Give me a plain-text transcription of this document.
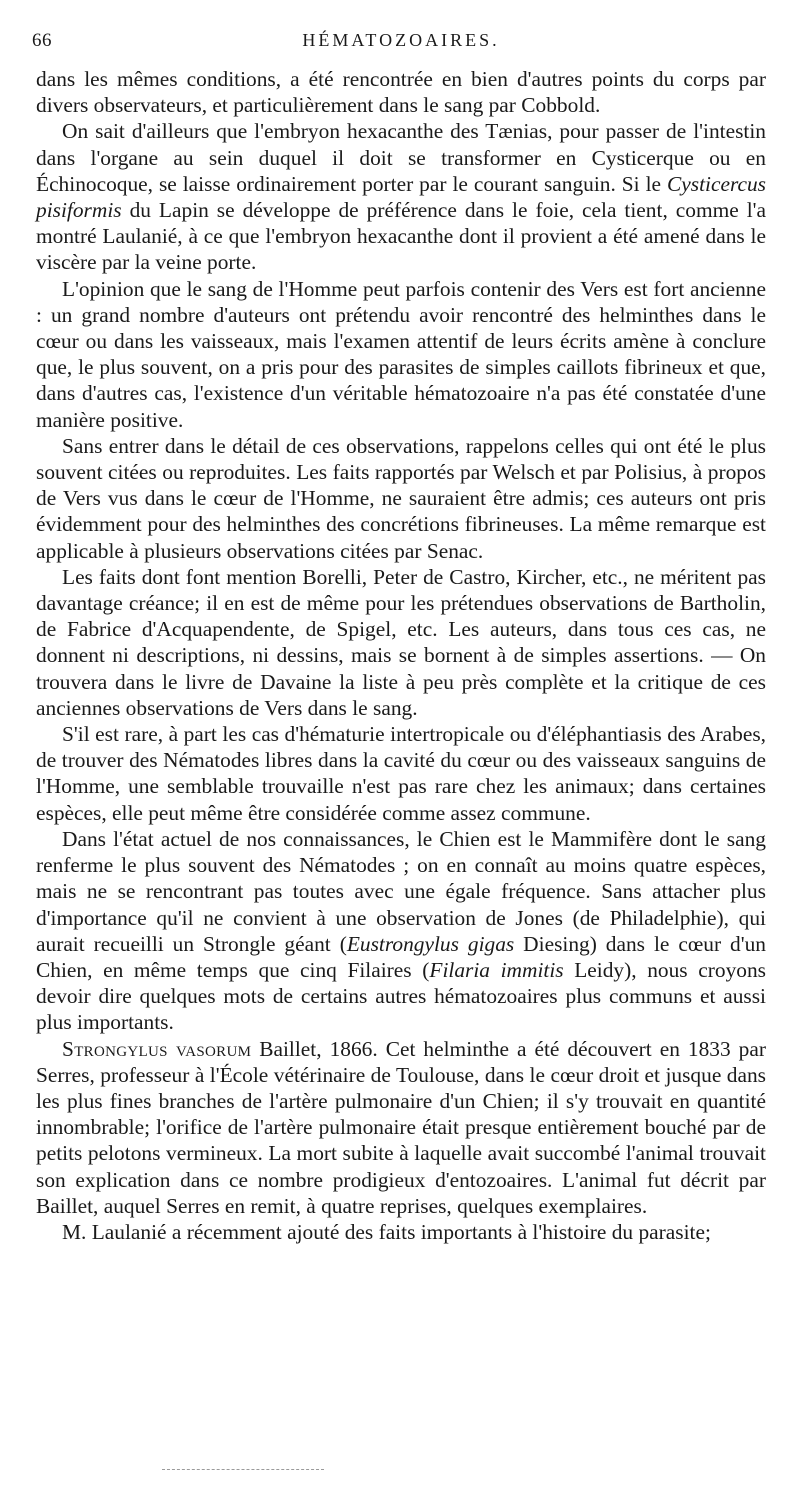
66	HÉMATOZOAIRES.

dans les mêmes conditions, a été rencontrée en bien d'autres points du corps par divers observateurs, et particulièrement dans le sang par Cobbold.

On sait d'ailleurs que l'embryon hexacanthe des Tænias, pour passer de l'intestin dans l'organe au sein duquel il doit se transformer en Cysticerque ou en Échinocoque, se laisse ordinairement porter par le courant sanguin. Si le Cysticercus pisiformis du Lapin se développe de préférence dans le foie, cela tient, comme l'a montré Laulanié, à ce que l'embryon hexacanthe dont il provient a été amené dans le viscère par la veine porte.

L'opinion que le sang de l'Homme peut parfois contenir des Vers est fort ancienne : un grand nombre d'auteurs ont prétendu avoir rencontré des helminthes dans le cœur ou dans les vaisseaux, mais l'examen attentif de leurs écrits amène à conclure que, le plus souvent, on a pris pour des parasites de simples caillots fibrineux et que, dans d'autres cas, l'existence d'un véritable hématozoaire n'a pas été constatée d'une manière positive.

Sans entrer dans le détail de ces observations, rappelons celles qui ont été le plus souvent citées ou reproduites. Les faits rapportés par Welsch et par Polisius, à propos de Vers vus dans le cœur de l'Homme, ne sauraient être admis; ces auteurs ont pris évidemment pour des helminthes des concrétions fibrineuses. La même remarque est applicable à plusieurs observations citées par Senac.

Les faits dont font mention Borelli, Peter de Castro, Kircher, etc., ne méritent pas davantage créance; il en est de même pour les prétendues observations de Bartholin, de Fabrice d'Acquapendente, de Spigel, etc. Les auteurs, dans tous ces cas, ne donnent ni descriptions, ni dessins, mais se bornent à de simples assertions. — On trouvera dans le livre de Davaine la liste à peu près complète et la critique de ces anciennes observations de Vers dans le sang.

S'il est rare, à part les cas d'hématurie intertropicale ou d'éléphantiasis des Arabes, de trouver des Nématodes libres dans la cavité du cœur ou des vaisseaux sanguins de l'Homme, une semblable trouvaille n'est pas rare chez les animaux; dans certaines espèces, elle peut même être considérée comme assez commune.

Dans l'état actuel de nos connaissances, le Chien est le Mammifère dont le sang renferme le plus souvent des Nématodes ; on en connaît au moins quatre espèces, mais ne se rencontrant pas toutes avec une égale fréquence. Sans attacher plus d'importance qu'il ne convient à une observation de Jones (de Philadelphie), qui aurait recueilli un Strongle géant (Eustrongylus gigas Diesing) dans le cœur d'un Chien, en même temps que cinq Filaires (Filaria immitis Leidy), nous croyons devoir dire quelques mots de certains autres hématozoaires plus communs et aussi plus importants.

Strongylus vasorum Baillet, 1866. Cet helminthe a été découvert en 1833 par Serres, professeur à l'École vétérinaire de Toulouse, dans le cœur droit et jusque dans les plus fines branches de l'artère pulmonaire d'un Chien; il s'y trouvait en quantité innombrable; l'orifice de l'artère pulmonaire était presque entièrement bouché par de petits pelotons vermineux. La mort subite à laquelle avait succombé l'animal trouvait son explication dans ce nombre prodigieux d'entozoaires. L'animal fut décrit par Baillet, auquel Serres en remit, à quatre reprises, quelques exemplaires.

M. Laulanié a récemment ajouté des faits importants à l'histoire du parasite;
